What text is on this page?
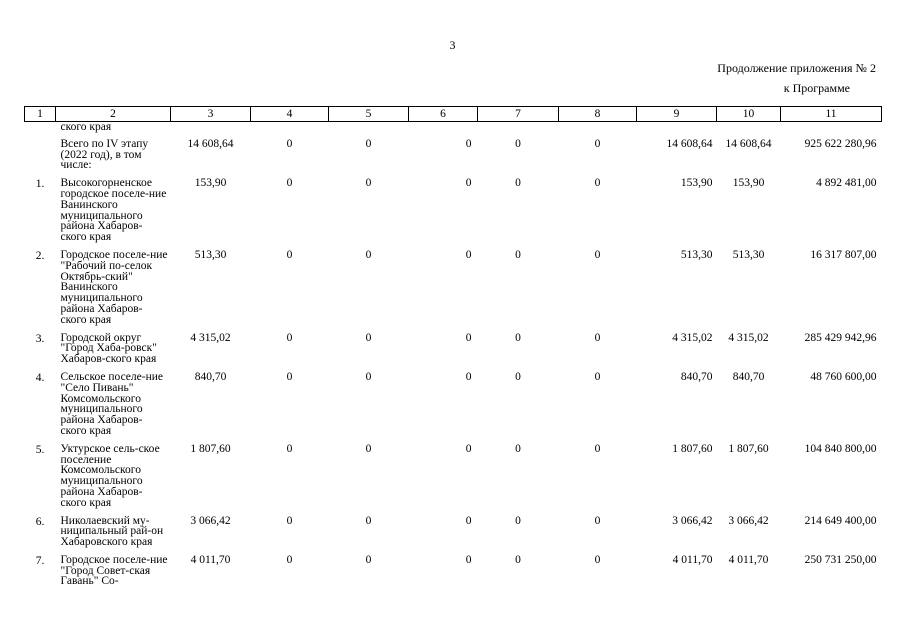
3
Продолжение приложения № 2
к Программе
1	2	3	4	5	6	7	8	9	10	11
	ского края									
	Всего по IV этапу (2022 год), в том числе:	14 608,64	0	0	0	0	0	14 608,64	14 608,64	925 622 280,96
1.	Высокогорненское городское поселе-ние Ванинского муниципального района Хабаров-ского края	153,90	0	0	0	0	0	153,90	153,90	4 892 481,00
2.	Городское поселе-ние "Рабочий по-селок Октябрь-ский" Ванинского муниципального района Хабаров-ского края	513,30	0	0	0	0	0	513,30	513,30	16 317 807,00
3.	Городской округ "Город Хаба-ровск" Хабаров-ского края	4 315,02	0	0	0	0	0	4 315,02	4 315,02	285 429 942,96
4.	Сельское поселе-ние "Село Пивань" Комсомольского муниципального района Хабаров-ского края	840,70	0	0	0	0	0	840,70	840,70	48 760 600,00
5.	Уктурское сель-ское поселение Комсомольского муниципального района Хабаров-ского края	1 807,60	0	0	0	0	0	1 807,60	1 807,60	104 840 800,00
6.	Николаевский му-ниципальный рай-он Хабаровского края	3 066,42	0	0	0	0	0	3 066,42	3 066,42	214 649 400,00
7.	Городское поселе-ние "Город Совет-ская Гавань" Со-	4 011,70	0	0	0	0	0	4 011,70	4 011,70	250 731 250,00
